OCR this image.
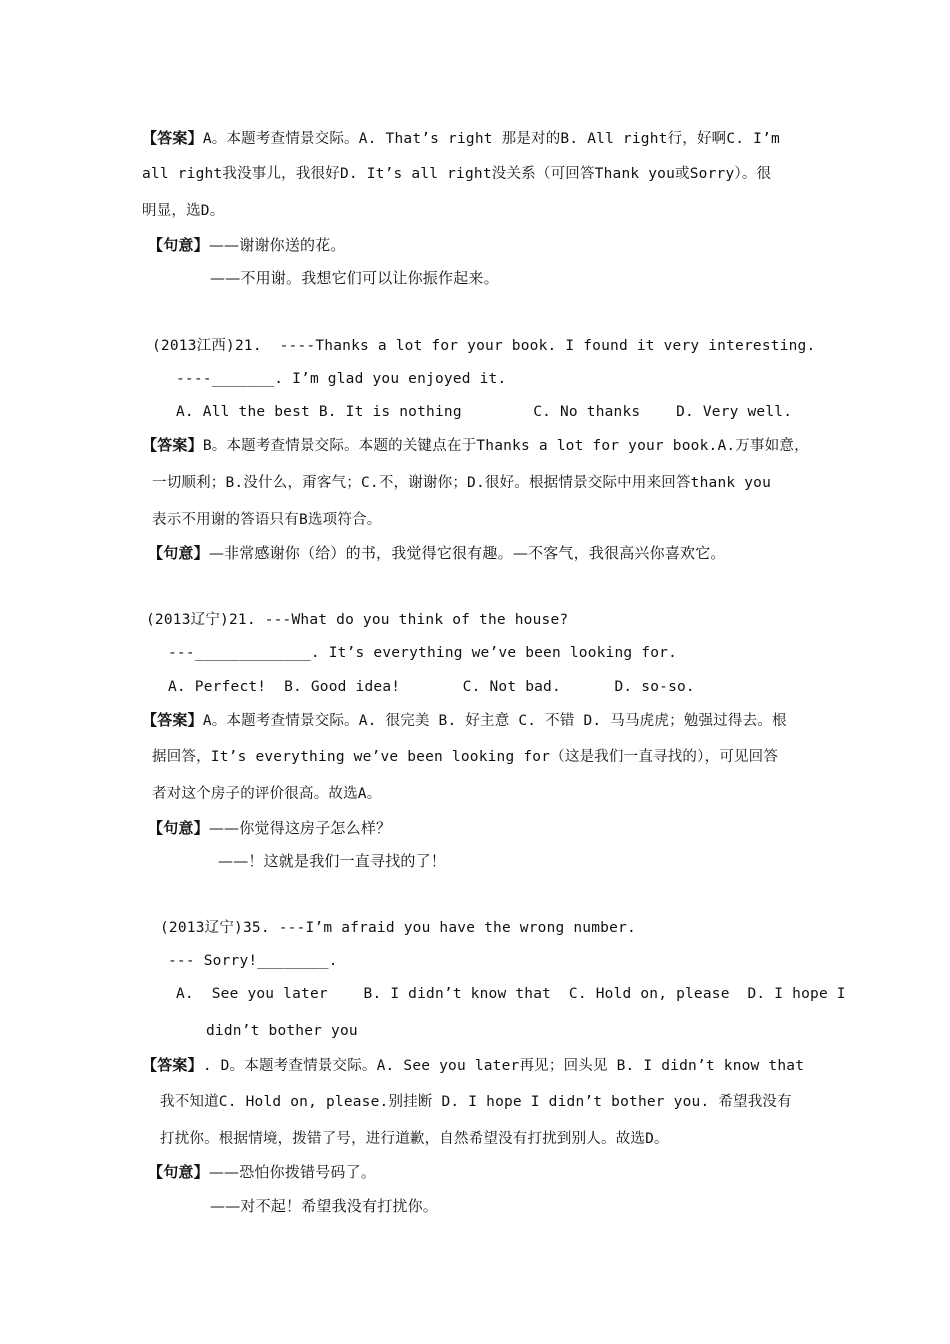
【答案】A。本题考查情景交际。A. That’s right 那是对的B. All right行，好啊C. I’m
all right我没事儿，我很好D. It’s all right没关系（可回答Thank you或Sorry）。很
明显，选D。
【句意】——谢谢你送的花。
——不用谢。我想它们可以让你振作起来。
(2013江西)21.  ----Thanks a lot for your book. I found it very interesting.
----_______. I’m glad you enjoyed it.
A. All the best B. It is nothing        C. No thanks    D. Very well.
【答案】B。本题考查情景交际。本题的关键点在于Thanks a lot for your book.A.万事如意，
一切顺利；B.没什么，甭客气；C.不，谢谢你；D.很好。根据情景交际中用来回答thank you
表示不用谢的答语只有B选项符合。
【句意】—非常感谢你（给）的书，我觉得它很有趣。—不客气，我很高兴你喜欢它。
(2013辽宁)21. ---What do you think of the house?
---_____________. It’s everything we’ve been looking for.
A. Perfect!  B. Good idea!       C. Not bad.      D. so-so.
【答案】A。本题考查情景交际。A. 很完美 B. 好主意 C. 不错 D. 马马虎虎；勉强过得去。根
据回答，It’s everything we’ve been looking for（这是我们一直寻找的），可见回答
者对这个房子的评价很高。故选A。
【句意】——你觉得这房子怎么样？
——！这就是我们一直寻找的了！
(2013辽宁)35. ---I’m afraid you have the wrong number.
--- Sorry!________.
A.  See you later    B. I didn’t know that  C. Hold on, please  D. I hope I
didn’t bother you
【答案】. D。本题考查情景交际。A. See you later再见；回头见 B. I didn’t know that
我不知道C. Hold on, please.别挂断 D. I hope I didn’t bother you. 希望我没有
打扰你。根据情境，拨错了号，进行道歉，自然希望没有打扰到别人。故选D。
【句意】——恐怕你拨错号码了。
——对不起！希望我没有打扰你。
